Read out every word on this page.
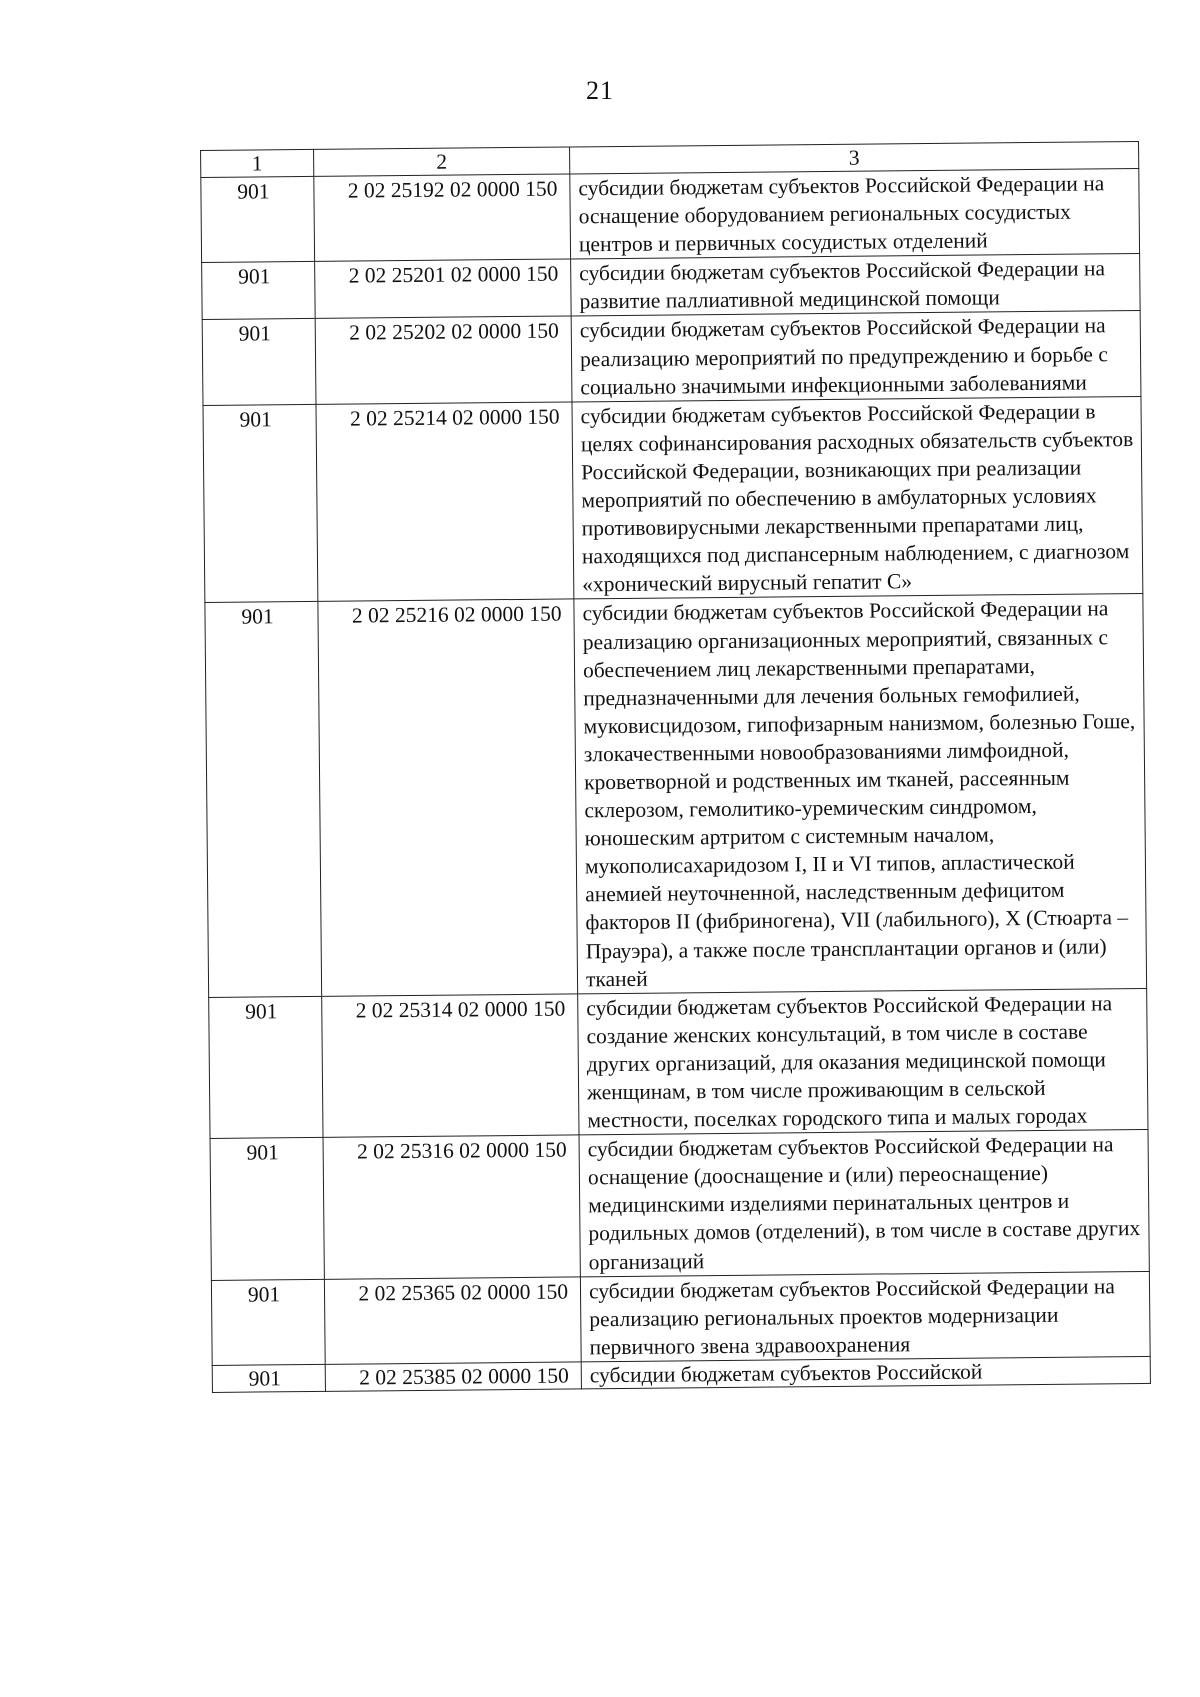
21
1	2	3
901	2 02 25192 02 0000 150	субсидии бюджетам субъектов Российской Федерации на оснащение оборудованием региональных сосудистых центров и первичных сосудистых отделений
901	2 02 25201 02 0000 150	субсидии бюджетам субъектов Российской Федерации на развитие паллиативной медицинской помощи
901	2 02 25202 02 0000 150	субсидии бюджетам субъектов Российской Федерации на реализацию мероприятий по предупреждению и борьбе с социально значимыми инфекционными заболеваниями
901	2 02 25214 02 0000 150	субсидии бюджетам субъектов Российской Федерации в целях софинансирования расходных обязательств субъектов Российской Федерации, возникающих при реализации мероприятий по обеспечению в амбулаторных условиях противовирусными лекарственными препаратами лиц, находящихся под диспансерным наблюдением, с диагнозом «хронический вирусный гепатит С»
901	2 02 25216 02 0000 150	субсидии бюджетам субъектов Российской Федерации на реализацию организационных мероприятий, связанных с обеспечением лиц лекарственными препаратами, предназначенными для лечения больных гемофилией, муковисцидозом, гипофизарным нанизмом, болезнью Гоше, злокачественными новообразованиями лимфоидной, кроветворной и родственных им тканей, рассеянным склерозом, гемолитико-уремическим синдромом, юношеским артритом с системным началом, мукополисахаридозом I, II и VI типов, апластической анемией неуточненной, наследственным дефицитом факторов II (фибриногена), VII (лабильного), X (Стюарта – Прауэра), а также после трансплантации органов и (или) тканей
901	2 02 25314 02 0000 150	субсидии бюджетам субъектов Российской Федерации на создание женских консультаций, в том числе в составе других организаций, для оказания медицинской помощи женщинам, в том числе проживающим в сельской местности, поселках городского типа и малых городах
901	2 02 25316 02 0000 150	субсидии бюджетам субъектов Российской Федерации на оснащение (дооснащение и (или) переоснащение) медицинскими изделиями перинатальных центров и родильных домов (отделений), в том числе в составе других организаций
901	2 02 25365 02 0000 150	субсидии бюджетам субъектов Российской Федерации на реализацию региональных проектов модернизации первичного звена здравоохранения
901	2 02 25385 02 0000 150	субсидии бюджетам субъектов Российской
